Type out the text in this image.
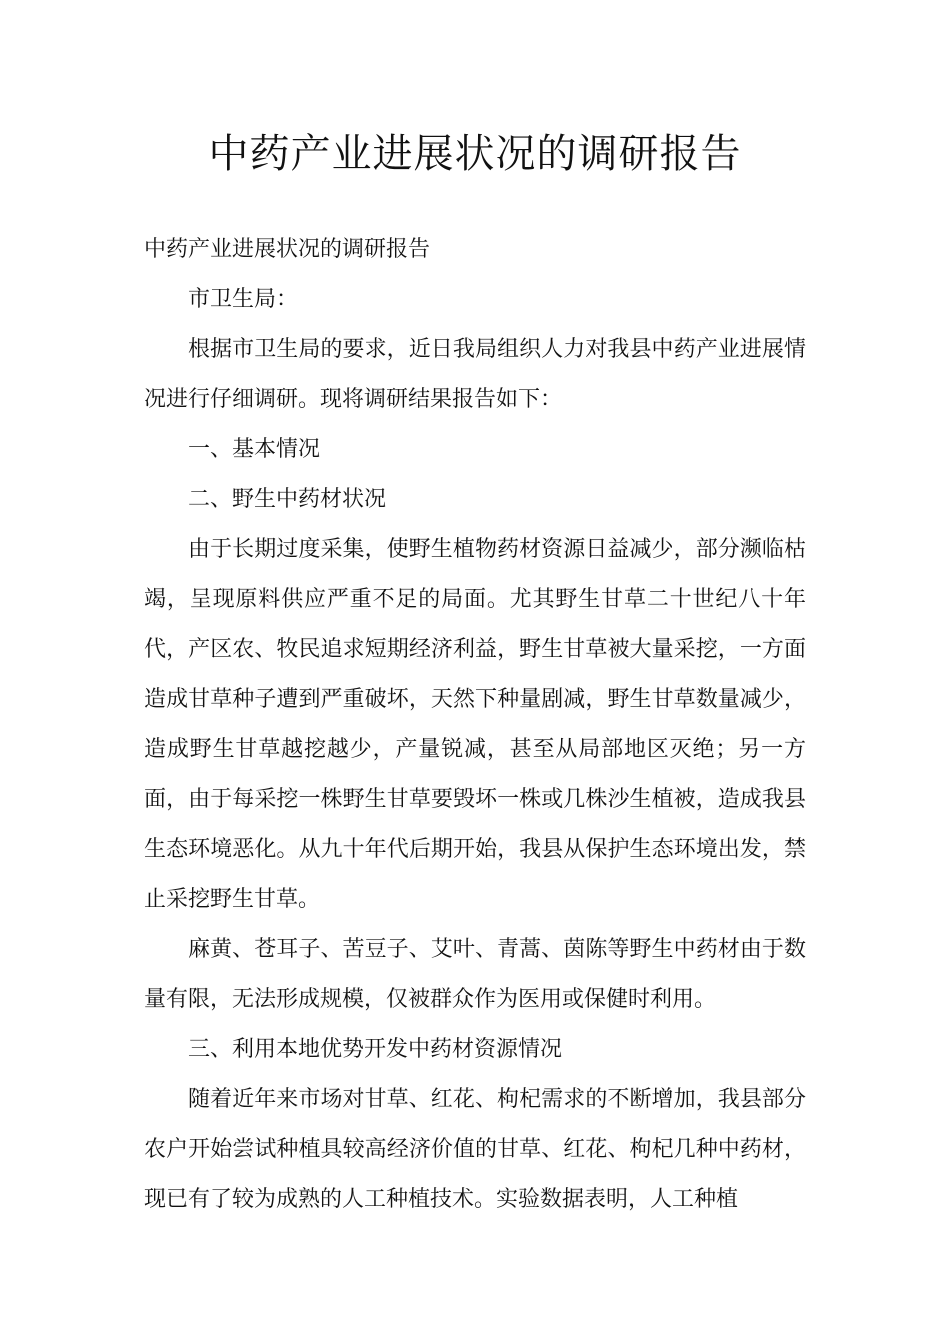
中药产业进展状况的调研报告

中药产业进展状况的调研报告

市卫生局：

根据市卫生局的要求，近日我局组织人力对我县中药产业进展情况进行仔细调研。现将调研结果报告如下：

一、基本情况

二、野生中药材状况

由于长期过度采集，使野生植物药材资源日益减少，部分濒临枯竭，呈现原料供应严重不足的局面。尤其野生甘草二十世纪八十年代，产区农、牧民追求短期经济利益，野生甘草被大量采挖，一方面造成甘草种子遭到严重破坏，天然下种量剧减，野生甘草数量减少，造成野生甘草越挖越少，产量锐减，甚至从局部地区灭绝；另一方面，由于每采挖一株野生甘草要毁坏一株或几株沙生植被，造成我县生态环境恶化。从九十年代后期开始，我县从保护生态环境出发，禁止采挖野生甘草。

麻黄、苍耳子、苦豆子、艾叶、青蒿、茵陈等野生中药材由于数量有限，无法形成规模，仅被群众作为医用或保健时利用。

三、利用本地优势开发中药材资源情况

随着近年来市场对甘草、红花、枸杞需求的不断增加，我县部分农户开始尝试种植具较高经济价值的甘草、红花、枸杞几种中药材，现已有了较为成熟的人工种植技术。实验数据表明，人工种植
